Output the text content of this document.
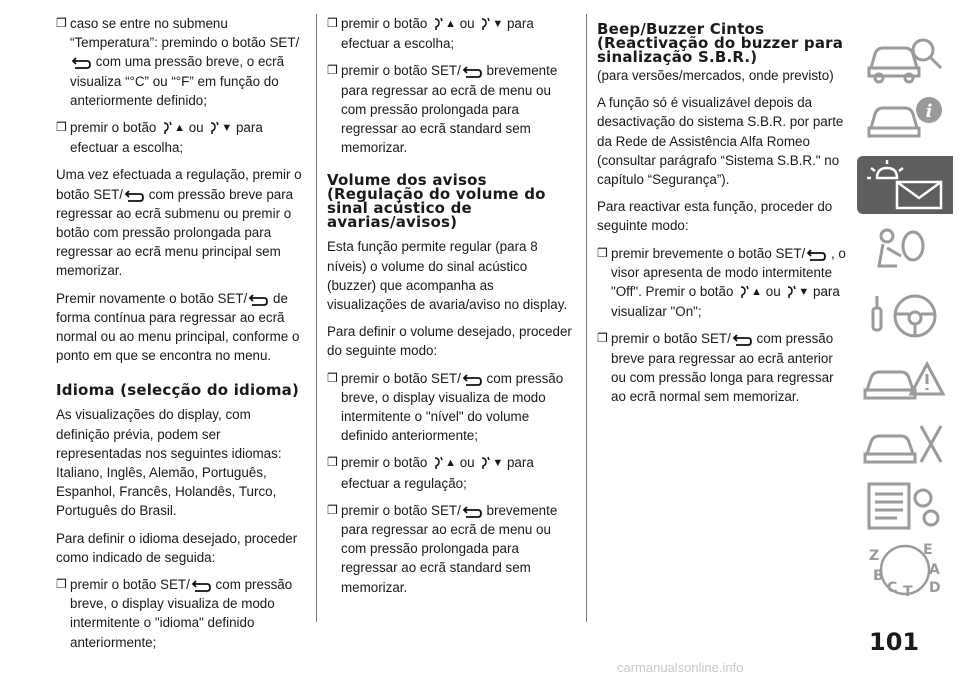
❒ caso se entre no submenu “Temperatura”: premindo o botão SET/ com uma pressão breve, o ecrã visualiza “°C” ou “°F” em função do anteriormente definido;
❒ premir o botão ▲ ou ▼ para efectuar a escolha;

Uma vez efectuada a regulação, premir o botão SET/ com pressão breve para regressar ao ecrã submenu ou premir o botão com pressão prolongada para regressar ao ecrã menu principal sem memorizar.

Premir novamente o botão SET/ de forma contínua para regressar ao ecrã normal ou ao menu principal, conforme o ponto em que se encontra no menu.

Idioma (selecção do idioma)

As visualizações do display, com definição prévia, podem ser representadas nos seguintes idiomas: Italiano, Inglês, Alemão, Português, Espanhol, Francês, Holandês, Turco, Português do Brasil.

Para definir o idioma desejado, proceder como indicado de seguida:

❒ premir o botão SET/ com pressão breve, o display visualiza de modo intermitente o "idioma" definido anteriormente;
❒ premir o botão ▲ ou ▼ para efectuar a escolha;
❒ premir o botão SET/ brevemente para regressar ao ecrã de menu ou com pressão prolongada para regressar ao ecrã standard sem memorizar.
Volume dos avisos (Regulação do volume do sinal acústico de avarias/avisos)

Esta função permite regular (para 8 níveis) o volume do sinal acústico (buzzer) que acompanha as visualizações de avaria/aviso no display.

Para definir o volume desejado, proceder do seguinte modo:

❒ premir o botão SET/ com pressão breve, o display visualiza de modo intermitente o "nível" do volume definido anteriormente;
❒ premir o botão ▲ ou ▼ para efectuar a regulação;
❒ premir o botão SET/ brevemente para regressar ao ecrã de menu ou com pressão prolongada para regressar ao ecrã standard sem memorizar.
Beep/Buzzer Cintos (Reactivação do buzzer para sinalização S.B.R.)

(para versões/mercados, onde previsto)

A função só é visualizável depois da desactivação do sistema S.B.R. por parte da Rede de Assistência Alfa Romeo (consultar parágrafo “Sistema S.B.R." no capítulo “Segurança”).

Para reactivar esta função, proceder do seguinte modo:

❒ premir brevemente o botão SET/ , o visor apresenta de modo intermitente "Off". Premir o botão ▲ ou ▼ para visualizar "On";
❒ premir o botão SET/ com pressão breve para regressar ao ecrã anterior ou com pressão longa para regressar ao ecrã normal sem memorizar.
i
Z	E
A
B
C T D
101
carmanualsonline.info
